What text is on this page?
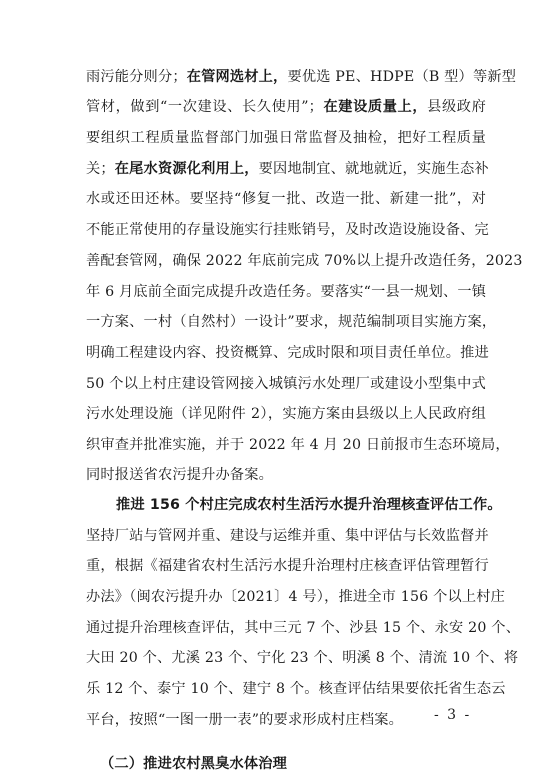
雨污能分则分；在管网选材上，要优选 PE、HDPE（B 型）等新型
管材，做到“一次建设、长久使用”；在建设质量上，县级政府
要组织工程质量监督部门加强日常监督及抽检，把好工程质量
关；在尾水资源化利用上，要因地制宜、就地就近，实施生态补
水或还田还林。要坚持“修复一批、改造一批、新建一批”，对
不能正常使用的存量设施实行挂账销号，及时改造设施设备、完
善配套管网，确保 2022 年底前完成 70%以上提升改造任务，2023
年 6 月底前全面完成提升改造任务。要落实“一县一规划、一镇
一方案、一村（自然村）一设计”要求，规范编制项目实施方案，
明确工程建设内容、投资概算、完成时限和项目责任单位。推进
50 个以上村庄建设管网接入城镇污水处理厂或建设小型集中式
污水处理设施（详见附件 2），实施方案由县级以上人民政府组
织审查并批准实施，并于 2022 年 4 月 20 日前报市生态环境局，
同时报送省农污提升办备案。
推进 156 个村庄完成农村生活污水提升治理核查评估工作。
坚持厂站与管网并重、建设与运维并重、集中评估与长效监督并
重，根据《福建省农村生活污水提升治理村庄核查评估管理暂行
办法》（闽农污提升办〔2021〕4 号），推进全市 156 个以上村庄
通过提升治理核查评估，其中三元 7 个、沙县 15 个、永安 20 个、
大田 20 个、尤溪 23 个、宁化 23 个、明溪 8 个、清流 10 个、将
乐 12 个、泰宁 10 个、建宁 8 个。核查评估结果要依托省生态云
平台，按照“一图一册一表”的要求形成村庄档案。
（二）推进农村黑臭水体治理
- 3 -
